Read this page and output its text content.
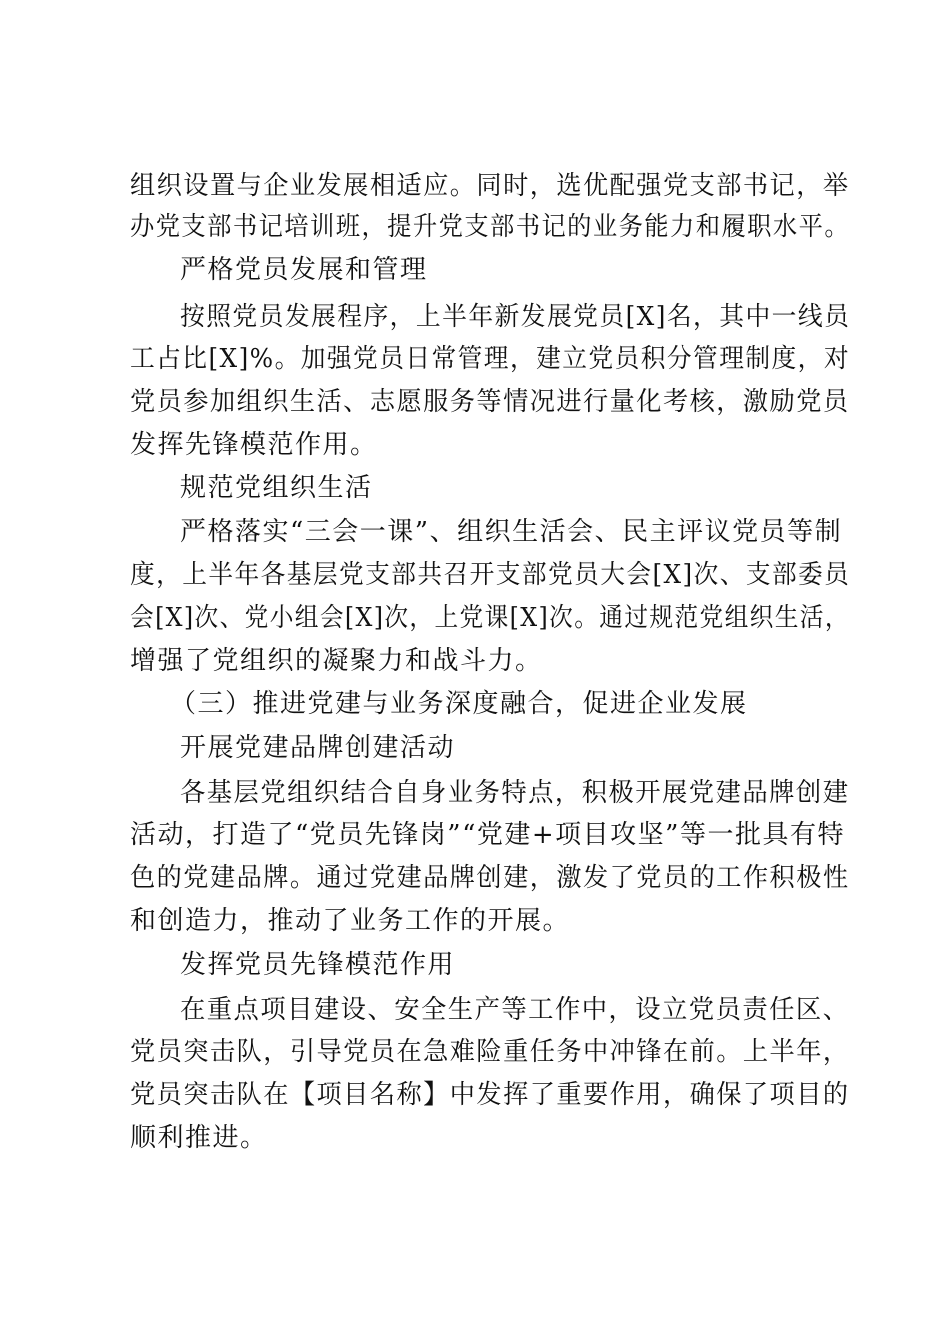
组织设置与企业发展相适应。同时，选优配强党支部书记，举
办党支部书记培训班，提升党支部书记的业务能力和履职水平。
严格党员发展和管理
按照党员发展程序，上半年新发展党员[X]名，其中一线员
工占比[X]%。加强党员日常管理，建立党员积分管理制度，对
党员参加组织生活、志愿服务等情况进行量化考核，激励党员
发挥先锋模范作用。
规范党组织生活
严格落实“三会一课”、组织生活会、民主评议党员等制
度，上半年各基层党支部共召开支部党员大会[X]次、支部委员
会[X]次、党小组会[X]次，上党课[X]次。通过规范党组织生活，
增强了党组织的凝聚力和战斗力。
（三）推进党建与业务深度融合，促进企业发展
开展党建品牌创建活动
各基层党组织结合自身业务特点，积极开展党建品牌创建
活动，打造了“党员先锋岗”“党建+项目攻坚”等一批具有特
色的党建品牌。通过党建品牌创建，激发了党员的工作积极性
和创造力，推动了业务工作的开展。
发挥党员先锋模范作用
在重点项目建设、安全生产等工作中，设立党员责任区、
党员突击队，引导党员在急难险重任务中冲锋在前。上半年，
党员突击队在【项目名称】中发挥了重要作用，确保了项目的
顺利推进。
